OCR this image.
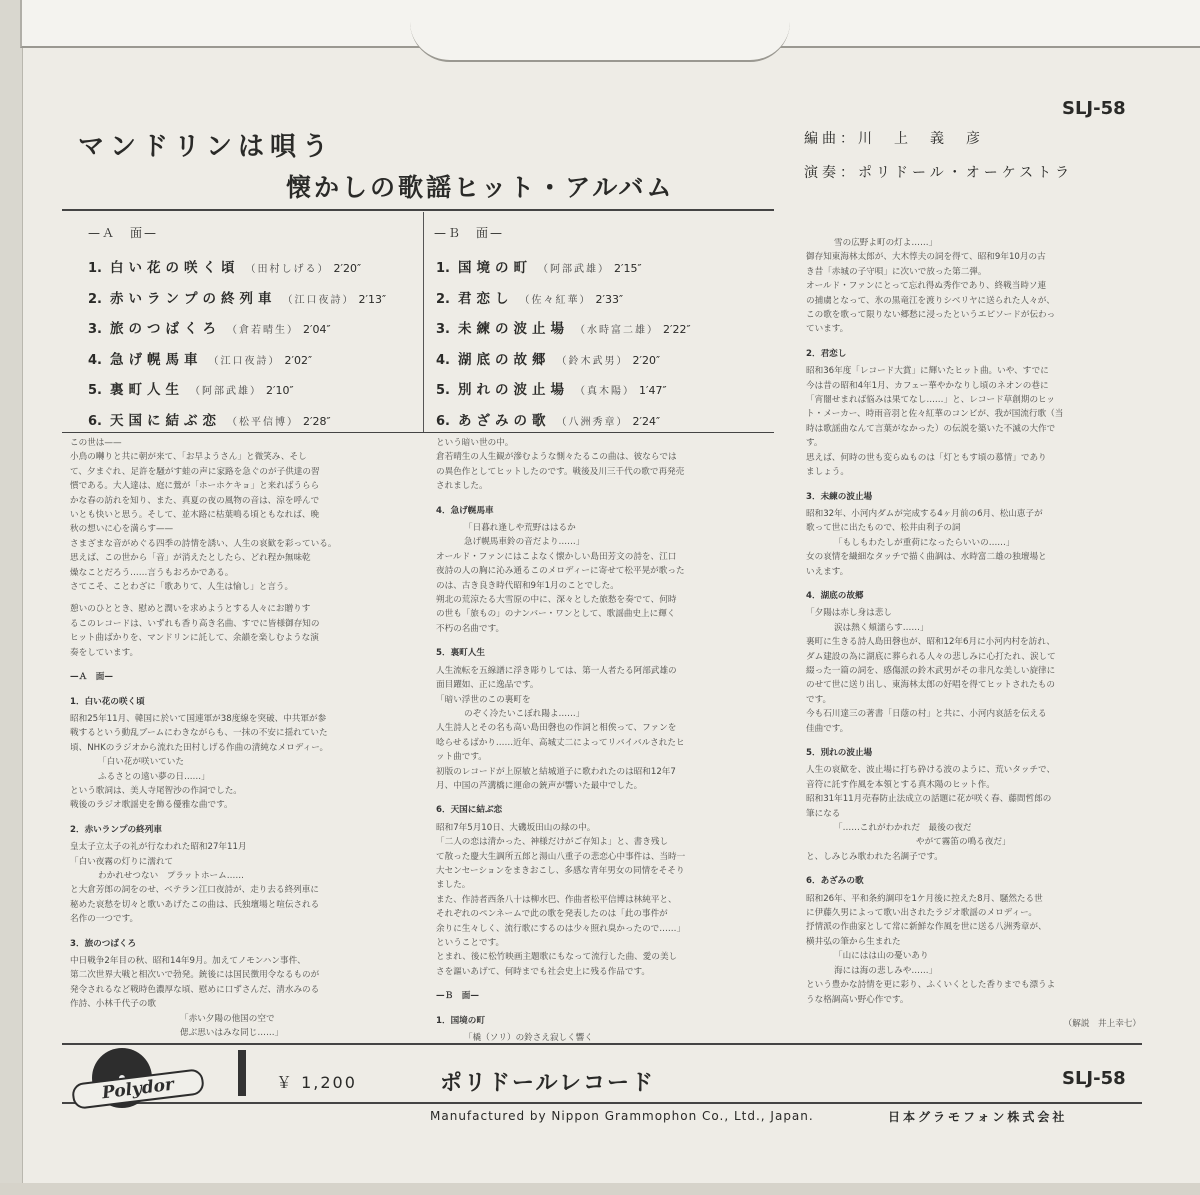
SLJ-58
マンドリンは唄う
懐かしの歌謡ヒット・アルバム
編曲：川　上　義　彦
演奏：ポリドール・オーケストラ
—Ａ　面—	—Ｂ　面—
1. 白い花の咲く頃 （田村しげる） 2′20″
2. 赤いランプの終列車 （江口夜詩） 2′13″
3. 旅のつばくろ （倉若晴生） 2′04″
4. 急げ幌馬車 （江口夜詩） 2′02″
5. 裏町人生 （阿部武雄） 2′10″
6. 天国に結ぶ恋 （松平信博） 2′28″
1. 国境の町 （阿部武雄） 2′15″
2. 君恋し （佐々紅華） 2′33″
3. 未練の波止場 （水時富二雄） 2′22″
4. 湖底の故郷 （鈴木武男） 2′20″
5. 別れの波止場 （真木陽） 1′47″
6. あざみの歌 （八洲秀章） 2′24″

この世は——

小鳥の囀りと共に朝が来て、「お早ようさん」と微笑み、そし

て、夕まぐれ、足許を騒がす蛙の声に家路を急ぐのが子供達の習

慣である。大人達は、庭に鶯が「ホーホケキョ」と来ればうらら

かな春の訪れを知り、また、真夏の夜の風物の音は、涼を呼んで

いとも快いと思う。そして、並木路に枯葉鳴る頃ともなれば、晩

秋の想いに心を満らす——

さまざまな音がめぐる四季の詩情を誘い、人生の哀歓を彩っている。

思えば、この世から「音」が消えたとしたら、どれ程か無味乾

燥なことだろう……言うもおろかである。

さてこそ、ことわざに「歌ありて、人生は愉し」と言う。

憩いのひととき、慰めと潤いを求めようとする人々にお贈りす

るこのレコードは、いずれも香り高き名曲、すでに皆様御存知の

ヒット曲ばかりを、マンドリンに託して、余韻を楽しむような演

奏をしています。

—Ａ　面—

1．白い花の咲く頃

昭和25年11月、韓国に於いて国連軍が38度線を突破、中共軍が参

戦するという動乱ブームにわきながらも、一抹の不安に揺れていた

頃、NHKのラジオから流れた田村しげる作曲の清純なメロディー。

「白い花が咲いていた

ふるさとの遠い夢の日……」

という歌詞は、美人寺尾智沙の作詞でした。

戦後のラジオ歌謡史を飾る優雅な曲です。

2．赤いランプの終列車

皇太子立太子の礼が行なわれた昭和27年11月

「白い夜霧の灯りに濡れて

わかれせつない　プラットホーム……

と大倉芳郎の詞をのせ、ベテラン江口夜詩が、走り去る終列車に

秘めた哀愁を切々と歌いあげたこの曲は、氏独壇場と喧伝される

名作の一つです。

3．旅のつばくろ

中日戦争2年目の秋、昭和14年9月。加えてノモンハン事件、

第二次世界大戦と相次いで勃発。銃後には国民徴用令なるものが

発令されるなど戦時色濃厚な頃、慰めに口ずさんだ、清水みのる

作詩、小林千代子の歌

「赤い夕陽の他国の空で

偲ぶ思いはみな同じ……」

という暗い世の中。

倉若晴生の人生観が滲むような惻々たるこの曲は、彼ならでは

の異色作としてヒットしたのです。戦後及川三千代の歌で再発売

されました。

4．急げ幌馬車

「日暮れ逢しや荒野ははるか

急げ幌馬車鈴の音だより……」

オールド・ファンにはこよなく懐かしい島田芳文の詩を、江口

夜詩の人の胸に沁み通るこのメロディーに寄せて松平晃が歌った

のは、古き良き時代昭和9年1月のことでした。

朔北の荒涼たる大雪原の中に、深々とした旅愁を奏でて、何時

の世も「旅もの」のナンバー・ワンとして、歌謡曲史上に輝く

不朽の名曲です。

5．裏町人生

人生流転を五線譜に浮き彫りしては、第一人者たる阿部武雄の

面目躍如、正に逸品です。

「暗い浮世のこの裏町を

のぞく冷たいこぼれ陽よ……」

人生詩人とその名も高い島田磬也の作詞と相俟って、ファンを

唸らせるばかり……近年、高城丈二によってリバイバルされたヒ

ット曲です。

初版のレコードが上原敏と結城道子に歌われたのは昭和12年7

月、中国の芦溝橋に運命の銃声が響いた最中でした。

6．天国に結ぶ恋

昭和7年5月10日、大磯坂田山の緑の中。

「二人の恋は清かった、神様だけがご存知よ」と、書き残し

て散った慶大生調所五郎と湯山八重子の悲恋心中事件は、当時一

大センセーションをまきおこし、多感な青年男女の同情をそそり

ました。

また、作詩者西条八十は柳水巴、作曲者松平信博は林純平と、

それぞれのペンネームで此の歌を発表したのは「此の事件が

余りに生々しく、流行歌にするのは少々照れ臭かったので……」

ということです。

とまれ、後に松竹映画主題歌にもなって流行した曲、愛の美し

さを謳いあげて、何時までも社会史上に残る作品です。

—Ｂ　面—

1．国境の町

「橇（ソリ）の鈴さえ寂しく響く

雪の広野よ町の灯よ……」

御存知東海林太郎が、大木惇夫の詞を得て、昭和9年10月の古

き昔「赤城の子守唄」に次いで放った第二弾。

オールド・ファンにとって忘れ得ぬ秀作であり、終戦当時ソ連

の捕虜となって、氷の黒竜江を渡りシベリヤに送られた人々が、

この歌を歌って限りない郷愁に浸ったというエピソードが伝わっ

ています。

2．君恋し

昭和36年度「レコード大賞」に輝いたヒット曲。いや、すでに

今は昔の昭和4年1月、カフェー華やかなりし頃のネオンの巷に

「宵闇せまれば悩みは果てなし……」と、レコード草創期のヒッ

ト・メーカー、時雨音羽と佐々紅華のコンビが、我が国流行歌（当

時は歌謡曲なんて言葉がなかった）の伝説を築いた不滅の大作で

す。

思えば、何時の世も変らぬものは「灯ともす頃の慕情」であり

ましょう。

3．未練の波止場

昭和32年、小河内ダムが完成する4ヶ月前の6月、松山恵子が

歌って世に出たもので、松井由利子の詞

「もしもわたしが重荷になったらいいの……」

女の哀情を繊細なタッチで描く曲調は、水時富二雄の独壇場と

いえます。

4．湖底の故郷

「夕陽は赤し身は悲し

涙は熱く頬濡らす……」

裏町に生きる詩人島田磬也が、昭和12年6月に小河内村を訪れ、

ダム建設の為に湖底に葬られる人々の悲しみに心打たれ、涙して

綴った一篇の詞を、感傷派の鈴木武男がその非凡な美しい旋律に

のせて世に送り出し、東海林太郎の好唱を得てヒットされたもの

です。

今も石川達三の著書「日蔭の村」と共に、小河内哀話を伝える

佳曲です。

5．別れの波止場

人生の哀歓を、波止場に打ち砕ける波のように、荒いタッチで、

音符に託す作風を本領とする真木陽のヒット作。

昭和31年11月売春防止法成立の話題に花が咲く春、藤間哲郎の

筆になる

「……これがわかれだ　最後の夜だ

やがて霧笛の鳴る夜だ」

と、しみじみ歌われた名調子です。

6．あざみの歌

昭和26年、平和条約調印を1ケ月後に控えた8月、騒然たる世

に伊藤久男によって歌い出されたラジオ歌謡のメロディー。

抒情派の作曲家として常に新鮮な作風を世に送る八洲秀章が、

横井弘の筆から生まれた

「山にはは山の憂いあり

海には海の悲しみや……」

という豊かな詩情を更に彩り、ふくいくとした香りまでも漂うよ

うな格調高い野心作です。

（解説　井上幸七）

Polydor	￥ 1,200	ポリドールレコード	SLJ-58
Manufactured by Nippon Grammophon Co., Ltd., Japan.	日本グラモフォン株式会社
